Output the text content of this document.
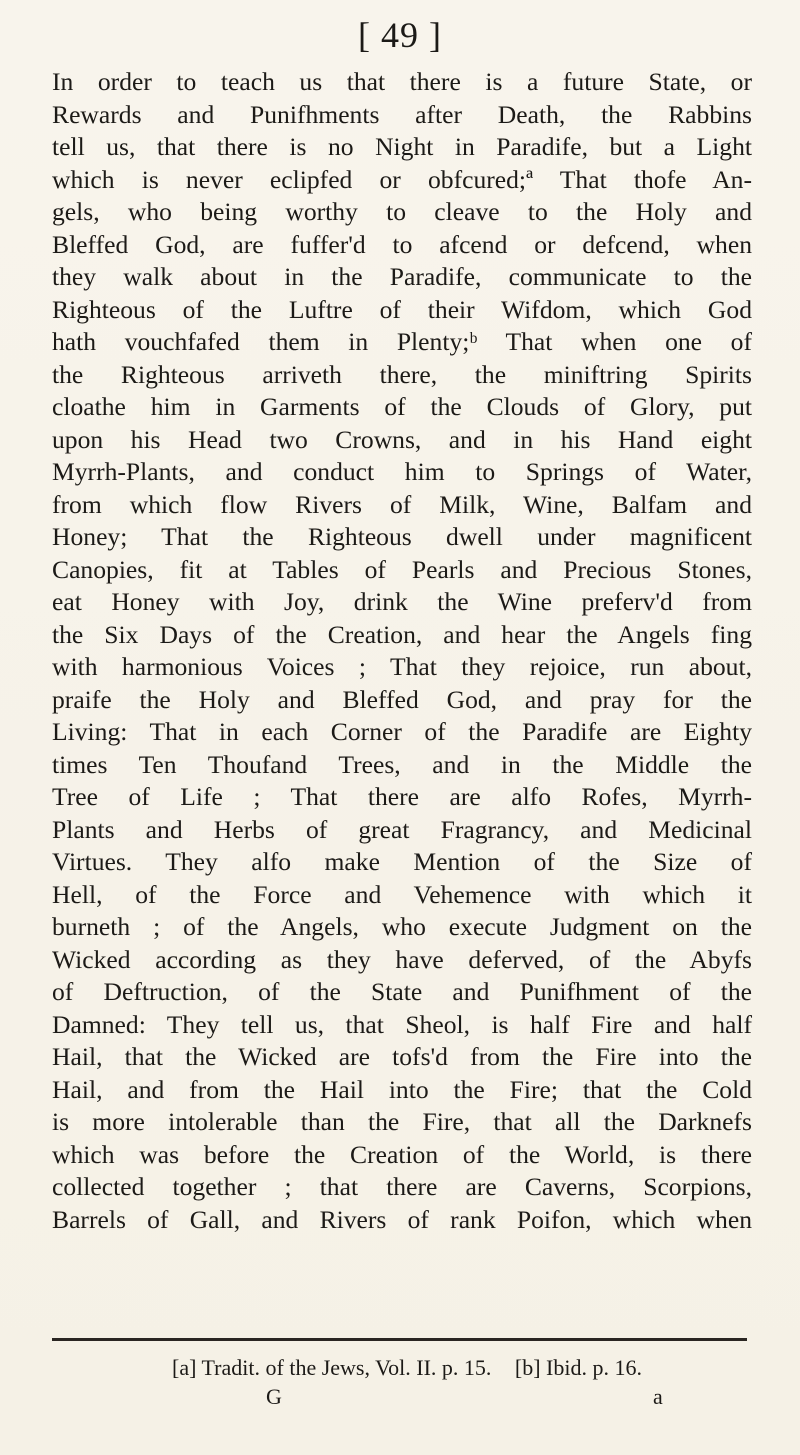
[ 49 ]
In order to teach us that there is a future State, or
Rewards and Punifhments after Death, the Rabbins
tell us, that there is no Night in Paradife, but a Light
which is never eclipfed or obfcured;ª That thofe An-
gels, who being worthy to cleave to the Holy and
Bleffed God, are fuffer'd to afcend or defcend, when
they walk about in the Paradife, communicate to the
Righteous of the Luftre of their Wifdom, which God
hath vouchfafed them in Plenty;ᵇ That when one of
the Righteous arriveth there, the miniftring Spirits
cloathe him in Garments of the Clouds of Glory, put
upon his Head two Crowns, and in his Hand eight
Myrrh-Plants, and conduct him to Springs of Water,
from which flow Rivers of Milk, Wine, Balfam and
Honey; That the Righteous dwell under magnificent
Canopies, fit at Tables of Pearls and Precious Stones,
eat Honey with Joy, drink the Wine preferv'd from
the Six Days of the Creation, and hear the Angels fing
with harmonious Voices ; That they rejoice, run about,
praife the Holy and Bleffed God, and pray for the
Living: That in each Corner of the Paradife are Eighty
times Ten Thoufand Trees, and in the Middle the
Tree of Life ; That there are alfo Rofes, Myrrh-
Plants and Herbs of great Fragrancy, and Medicinal
Virtues. They alfo make Mention of the Size of
Hell, of the Force and Vehemence with which it
burneth ; of the Angels, who execute Judgment on the
Wicked according as they have deferved, of the Abyfs
of Deftruction, of the State and Punifhment of the
Damned: They tell us, that Sheol, is half Fire and half
Hail, that the Wicked are tofs'd from the Fire into the
Hail, and from the Hail into the Fire; that the Cold
is more intolerable than the Fire, that all the Darknefs
which was before the Creation of the World, is there
collected together ; that there are Caverns, Scorpions,
Barrels of Gall, and Rivers of rank Poifon, which when
[a] Tradit. of the Jews, Vol. II. p. 15. [b] Ibid. p. 16.
G	a
